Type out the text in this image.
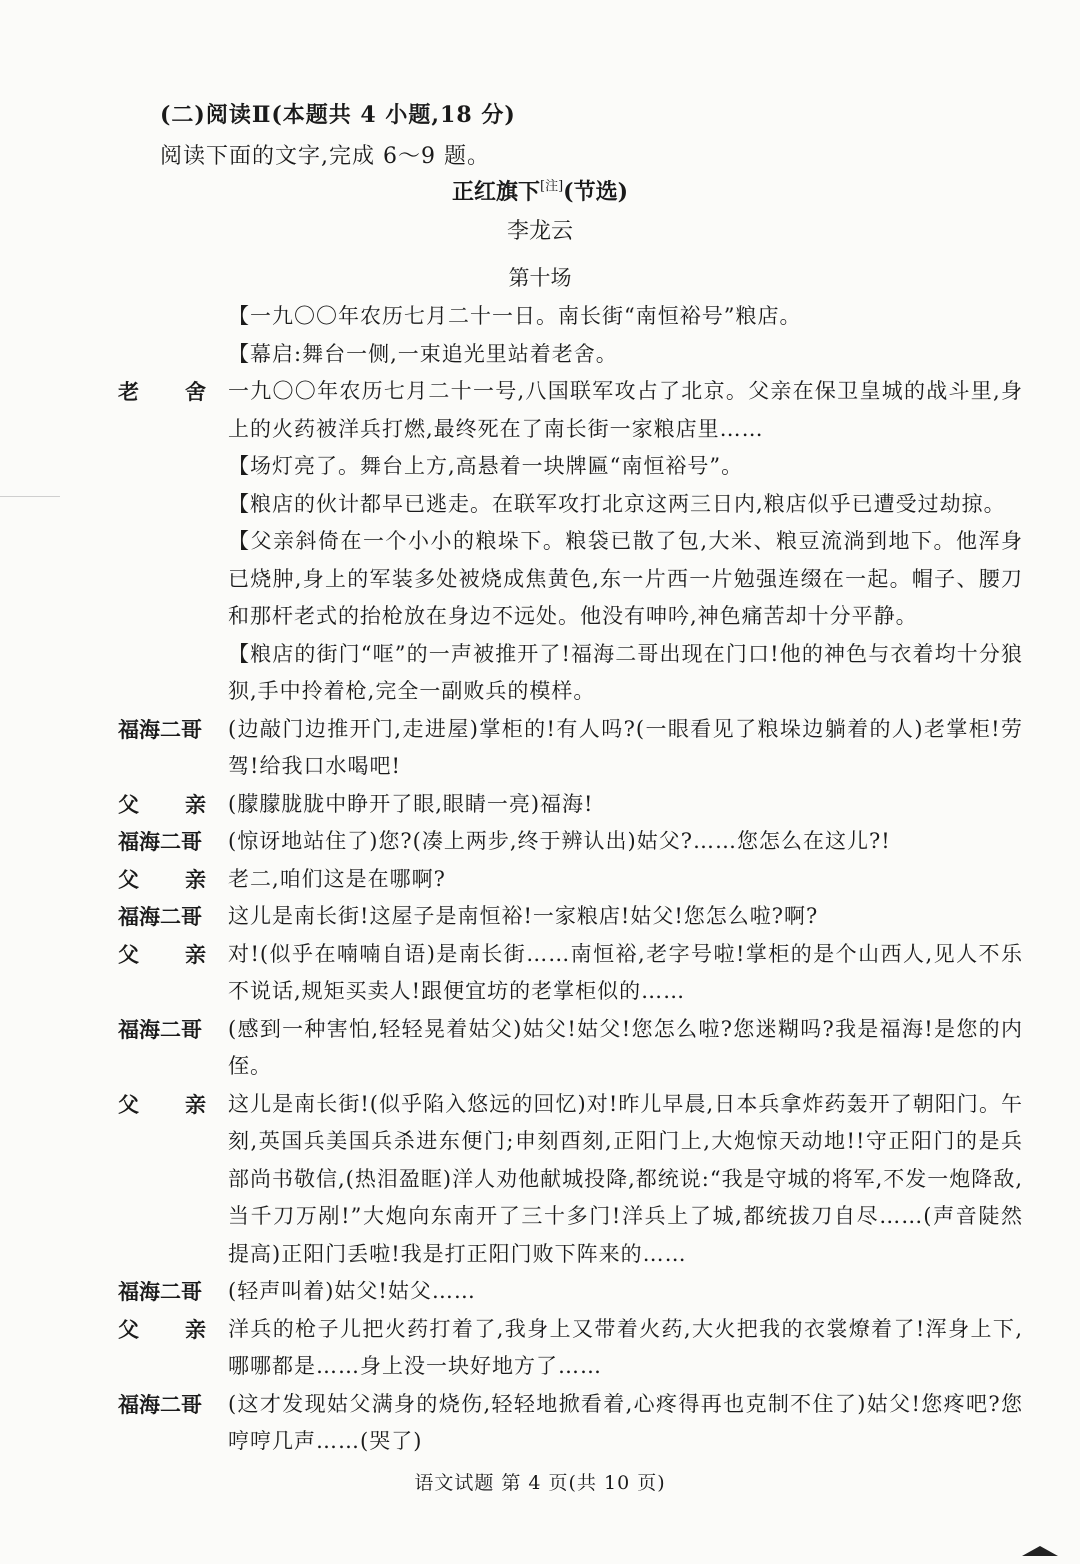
(二)阅读Ⅱ(本题共 4 小题,18 分)
阅读下面的文字,完成 6～9 题。
正红旗下[注](节选)
李龙云
第十场
【一九〇〇年农历七月二十一日。南长街“南恒裕号”粮店。
【幕启:舞台一侧,一束追光里站着老舍。
老 舍 一九〇〇年农历七月二十一号,八国联军攻占了北京。父亲在保卫皇城的战斗里,身上的火药被洋兵打燃,最终死在了南长街一家粮店里……
【场灯亮了。舞台上方,高悬着一块牌匾“南恒裕号”。
【粮店的伙计都早已逃走。在联军攻打北京这两三日内,粮店似乎已遭受过劫掠。
【父亲斜倚在一个小小的粮垛下。粮袋已散了包,大米、粮豆流淌到地下。他浑身已烧肿,身上的军装多处被烧成焦黄色,东一片西一片勉强连缀在一起。帽子、腰刀和那杆老式的抬枪放在身边不远处。他没有呻吟,神色痛苦却十分平静。
【粮店的街门“哐”的一声被推开了!福海二哥出现在门口!他的神色与衣着均十分狼狈,手中拎着枪,完全一副败兵的模样。
福海二哥	(边敲门边推开门,走进屋)掌柜的!有人吗?(一眼看见了粮垛边躺着的人)老掌柜!劳驾!给我口水喝吧!
父 亲 (朦朦胧胧中睁开了眼,眼睛一亮)福海!
福海二哥	(惊讶地站住了)您?(凑上两步,终于辨认出)姑父?……您怎么在这儿?!
父 亲 老二,咱们这是在哪啊?
福海二哥	这儿是南长街!这屋子是南恒裕!一家粮店!姑父!您怎么啦?啊?
父 亲 对!(似乎在喃喃自语)是南长街……南恒裕,老字号啦!掌柜的是个山西人,见人不乐不说话,规矩买卖人!跟便宜坊的老掌柜似的……
福海二哥	(感到一种害怕,轻轻晃着姑父)姑父!姑父!您怎么啦?您迷糊吗?我是福海!是您的内侄。
父 亲 这儿是南长街!(似乎陷入悠远的回忆)对!昨儿早晨,日本兵拿炸药轰开了朝阳门。午刻,英国兵美国兵杀进东便门;申刻酉刻,正阳门上,大炮惊天动地!!守正阳门的是兵部尚书敬信,(热泪盈眶)洋人劝他献城投降,都统说:“我是守城的将军,不发一炮降敌,当千刀万剐!”大炮向东南开了三十多门!洋兵上了城,都统拔刀自尽……(声音陡然提高)正阳门丢啦!我是打正阳门败下阵来的……
福海二哥	(轻声叫着)姑父!姑父……
父 亲 洋兵的枪子儿把火药打着了,我身上又带着火药,大火把我的衣裳燎着了!浑身上下,哪哪都是……身上没一块好地方了……
福海二哥	(这才发现姑父满身的烧伤,轻轻地掀看着,心疼得再也克制不住了)姑父!您疼吧?您哼哼几声……(哭了)
语文试题 第 4 页(共 10 页)
